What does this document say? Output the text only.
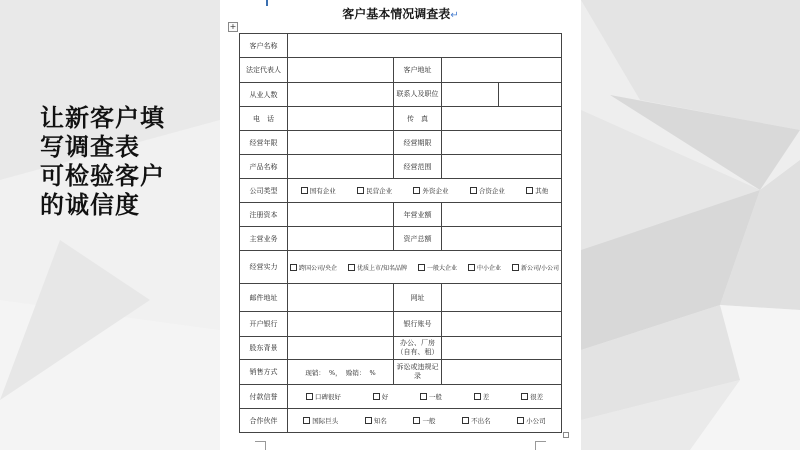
让新客户填
写调查表
可检验客户
的诚信度
客户基本情况调查表↵
+
客户名称				
法定代表人		客户地址		
从业人数		联系人及职位		
电　话		传　真		
经营年限		经营期限		
产品名称		经营范围		
公司类型	国有企业 民营企业 外资企业 合资企业 其他			

注册资本		年营业额		
主营业务		资产总额		
经营实力	跨国公司/央企 优质上市/知名品牌 一般大企业 中小企业 新公司/小公司			

邮件地址		网址		
开户银行		银行账号		
股东背景		办公、厂房（自有、租）		
销售方式	现销： %， 赊销： %	诉讼或违规记录		
付款信誉	口碑很好 好 一般 差 很差			

合作伙伴	国际巨头 知名 一般 不出名 小公司			
